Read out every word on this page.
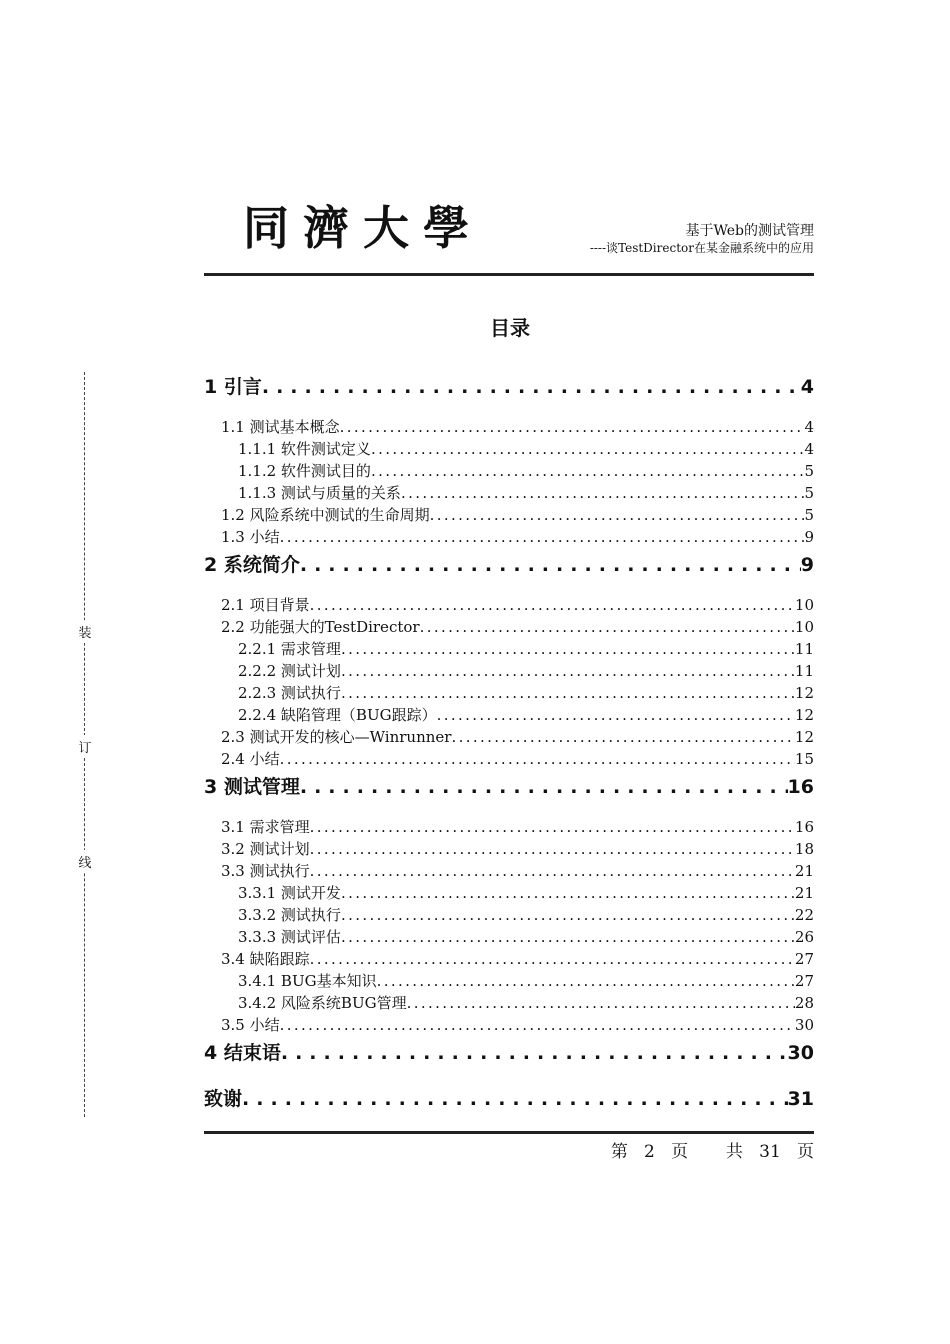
同濟大學	基于Web的测试管理
----谈TestDirector在某金融系统中的应用
目录
1 引言 . . .	4
1.1 测试基本概念 . . .	4
1.1.1 软件测试定义 . . .	4
1.1.2 软件测试目的 . . .	5
1.1.3 测试与质量的关系 . . .	5
1.2 风险系统中测试的生命周期 . . .	5
1.3 小结 . . .	9
2 系统简介 . . .	9
2.1 项目背景 . . .	10
2.2 功能强大的TestDirector . . .	10
2.2.1 需求管理 . . .	11
2.2.2 测试计划 . . .	11
2.2.3 测试执行 . . .	12
2.2.4 缺陷管理（BUG跟踪） . . .	12
2.3 测试开发的核心—Winrunner . . .	12
2.4 小结 . . .	15
3 测试管理 . . .	16
3.1 需求管理 . . .	16
3.2 测试计划 . . .	18
3.3 测试执行 . . .	21
3.3.1 测试开发 . . .	21
3.3.2 测试执行 . . .	22
3.3.3 测试评估 . . .	26
3.4 缺陷跟踪 . . .	27
3.4.1 BUG基本知识 . . .	27
3.4.2 风险系统BUG管理 . . .	28
3.5 小结 . . .	30
4 结束语 . . .	30
致谢 . . .	31
装
订
线
第 2 页 共 31 页
